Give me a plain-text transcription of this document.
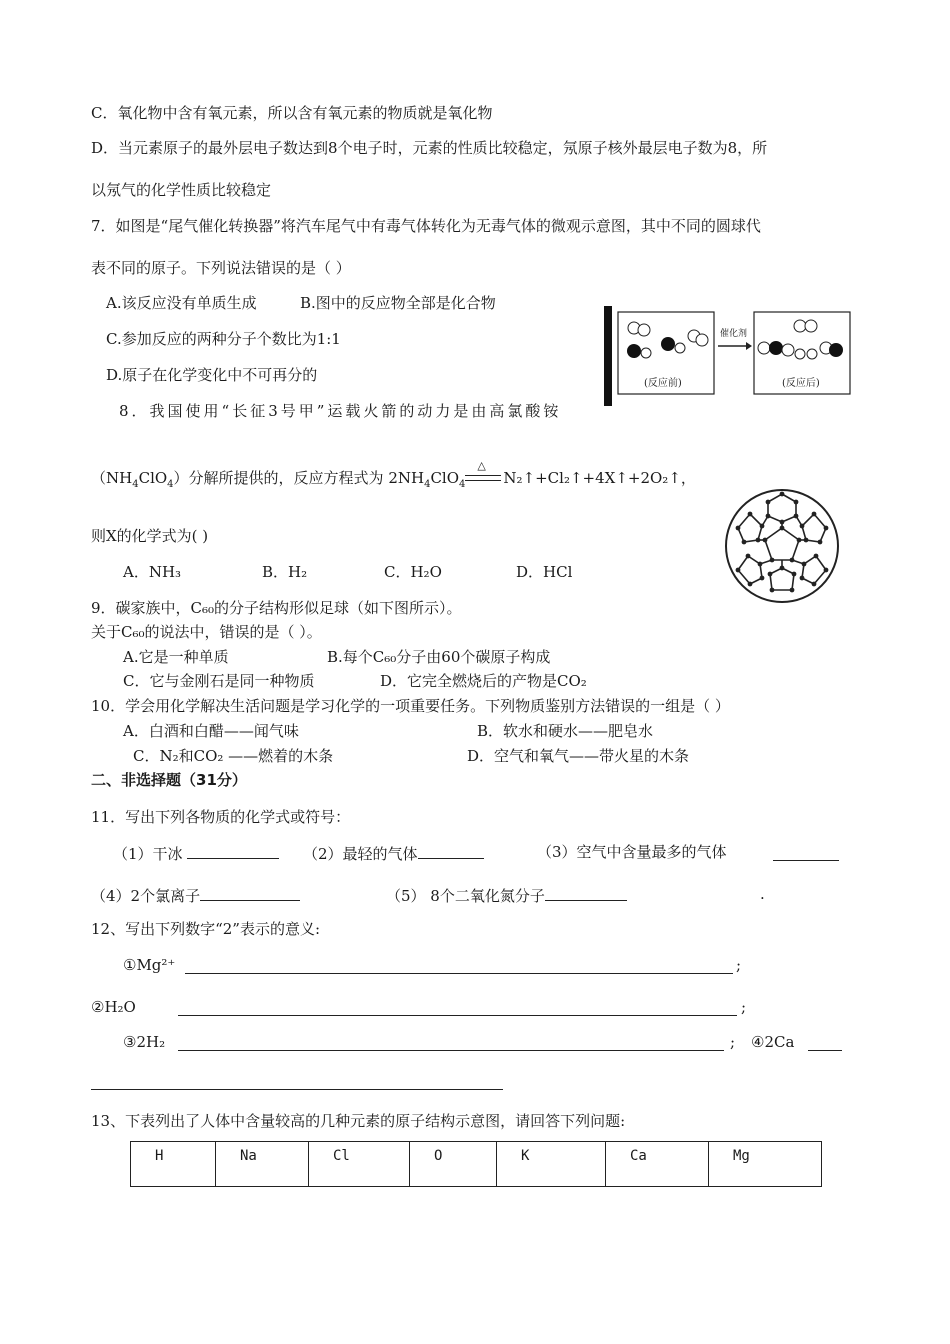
C．氧化物中含有氧元素，所以含有氧元素的物质就是氧化物
D．当元素原子的最外层电子数达到8个电子时，元素的性质比较稳定，氖原子核外最层电子数为8，所
以氖气的化学性质比较稳定
7．如图是“尾气催化转换器”将汽车尾气中有毒气体转化为无毒气体的微观示意图，其中不同的圆球代
表不同的原子。下列说法错误的是（ ）
A.该反应没有单质生成	B.图中的反应物全部是化合物
C.参加反应的两种分子个数比为1:1
D.原子在化学变化中不可再分的
催化剂
(反应前)	(反应后)
8．我国使用“长征3号甲”运载火箭的动力是由高氯酸铵
$(NH_4ClO_4)$分解所提供的，反应方程式为 $2NH_4ClO_4$
△
N₂↑+Cl₂↑+4X↑+2O₂↑，
则X的化学式为( )
A．NH₃	B．H₂	C．H₂O	D．HCl
9．碳家族中，C₆₀的分子结构形似足球（如下图所示）。
关于C₆₀的说法中，错误的是（ ）。
A.它是一种单质	B.每个C₆₀分子由60个碳原子构成
C．它与金刚石是同一种物质	D．它完全燃烧后的产物是CO₂
10．学会用化学解决生活问题是学习化学的一项重要任务。下列物质鉴别方法错误的一组是（ ）
A．白酒和白醋——闻气味	B．软水和硬水——肥皂水
C．N₂和CO₂ ——燃着的木条	D．空气和氧气——带火星的木条
二、非选择题（31分）
11．写出下列各物质的化学式或符号：
（1）干冰	（2）最轻的气体	（3）空气中含量最多的气体
（4）2个氯离子	（5） 8个二氧化氮分子	.
12、写出下列数字“2”表示的意义:
①Mg²⁺	;
②H₂O	;
③2H₂	; ④2Ca
13、下表列出了人体中含量较高的几种元素的原子结构示意图，请回答下列问题:
H	Na	Cl	O	K	Ca	Mg
